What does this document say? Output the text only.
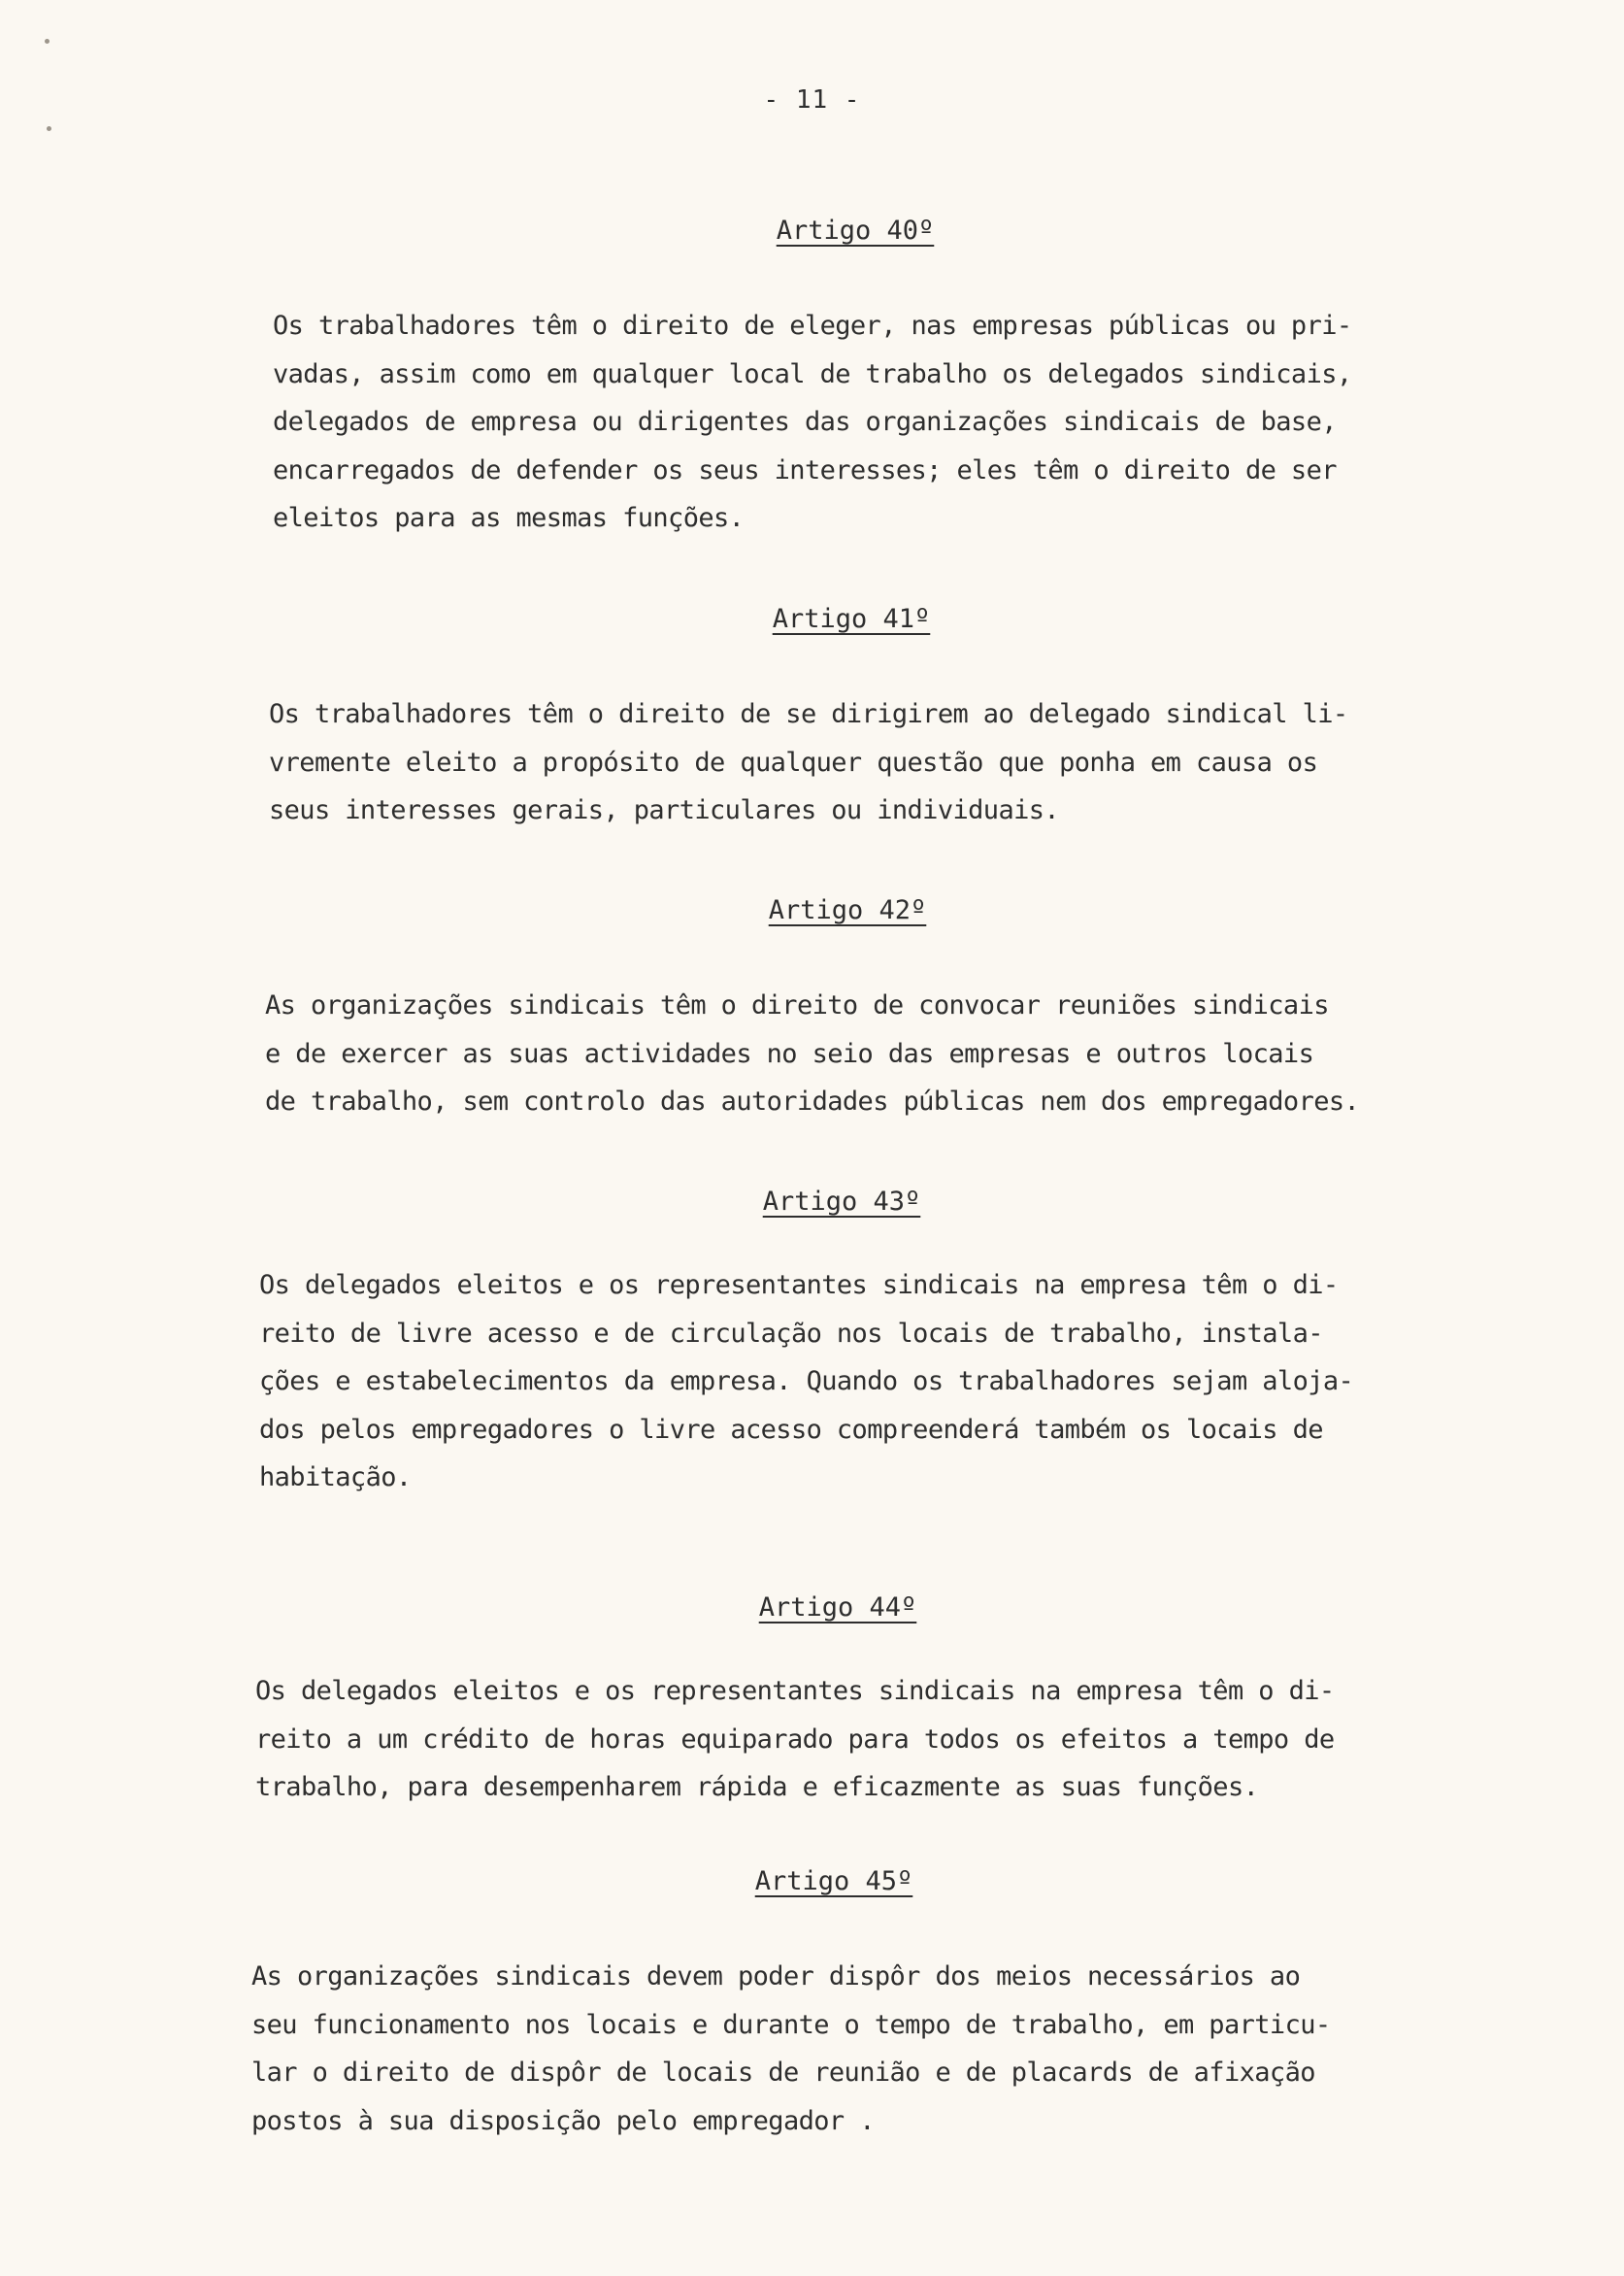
- 11 -
Artigo 40º
Os trabalhadores têm o direito de eleger, nas empresas públicas ou pri-
vadas, assim como em qualquer local de trabalho os delegados sindicais,
delegados de empresa ou dirigentes das organizações sindicais de base,
encarregados de defender os seus interesses; eles têm o direito de ser
eleitos para as mesmas funções.
Artigo 41º
Os trabalhadores têm o direito de se dirigirem ao delegado sindical li-
vremente eleito a propósito de qualquer questão que ponha em causa os
seus interesses gerais, particulares ou individuais.
Artigo 42º
As organizações sindicais têm o direito de convocar reuniões sindicais
e de exercer as suas actividades no seio das empresas e outros locais
de trabalho, sem controlo das autoridades públicas nem dos empregadores.
Artigo 43º
Os delegados eleitos e os representantes sindicais na empresa têm o di-
reito de livre acesso e de circulação nos locais de trabalho, instala-
ções e estabelecimentos da empresa. Quando os trabalhadores sejam aloja-
dos pelos empregadores o livre acesso compreenderá também os locais de
habitação.
Artigo 44º
Os delegados eleitos e os representantes sindicais na empresa têm o di-
reito a um crédito de horas equiparado para todos os efeitos a tempo de
trabalho, para desempenharem rápida e eficazmente as suas funções.
Artigo 45º
As organizações sindicais devem poder dispôr dos meios necessários ao
seu funcionamento nos locais e durante o tempo de trabalho, em particu-
lar o direito de dispôr de locais de reunião e de placards de afixação
postos à sua disposição pelo empregador .
